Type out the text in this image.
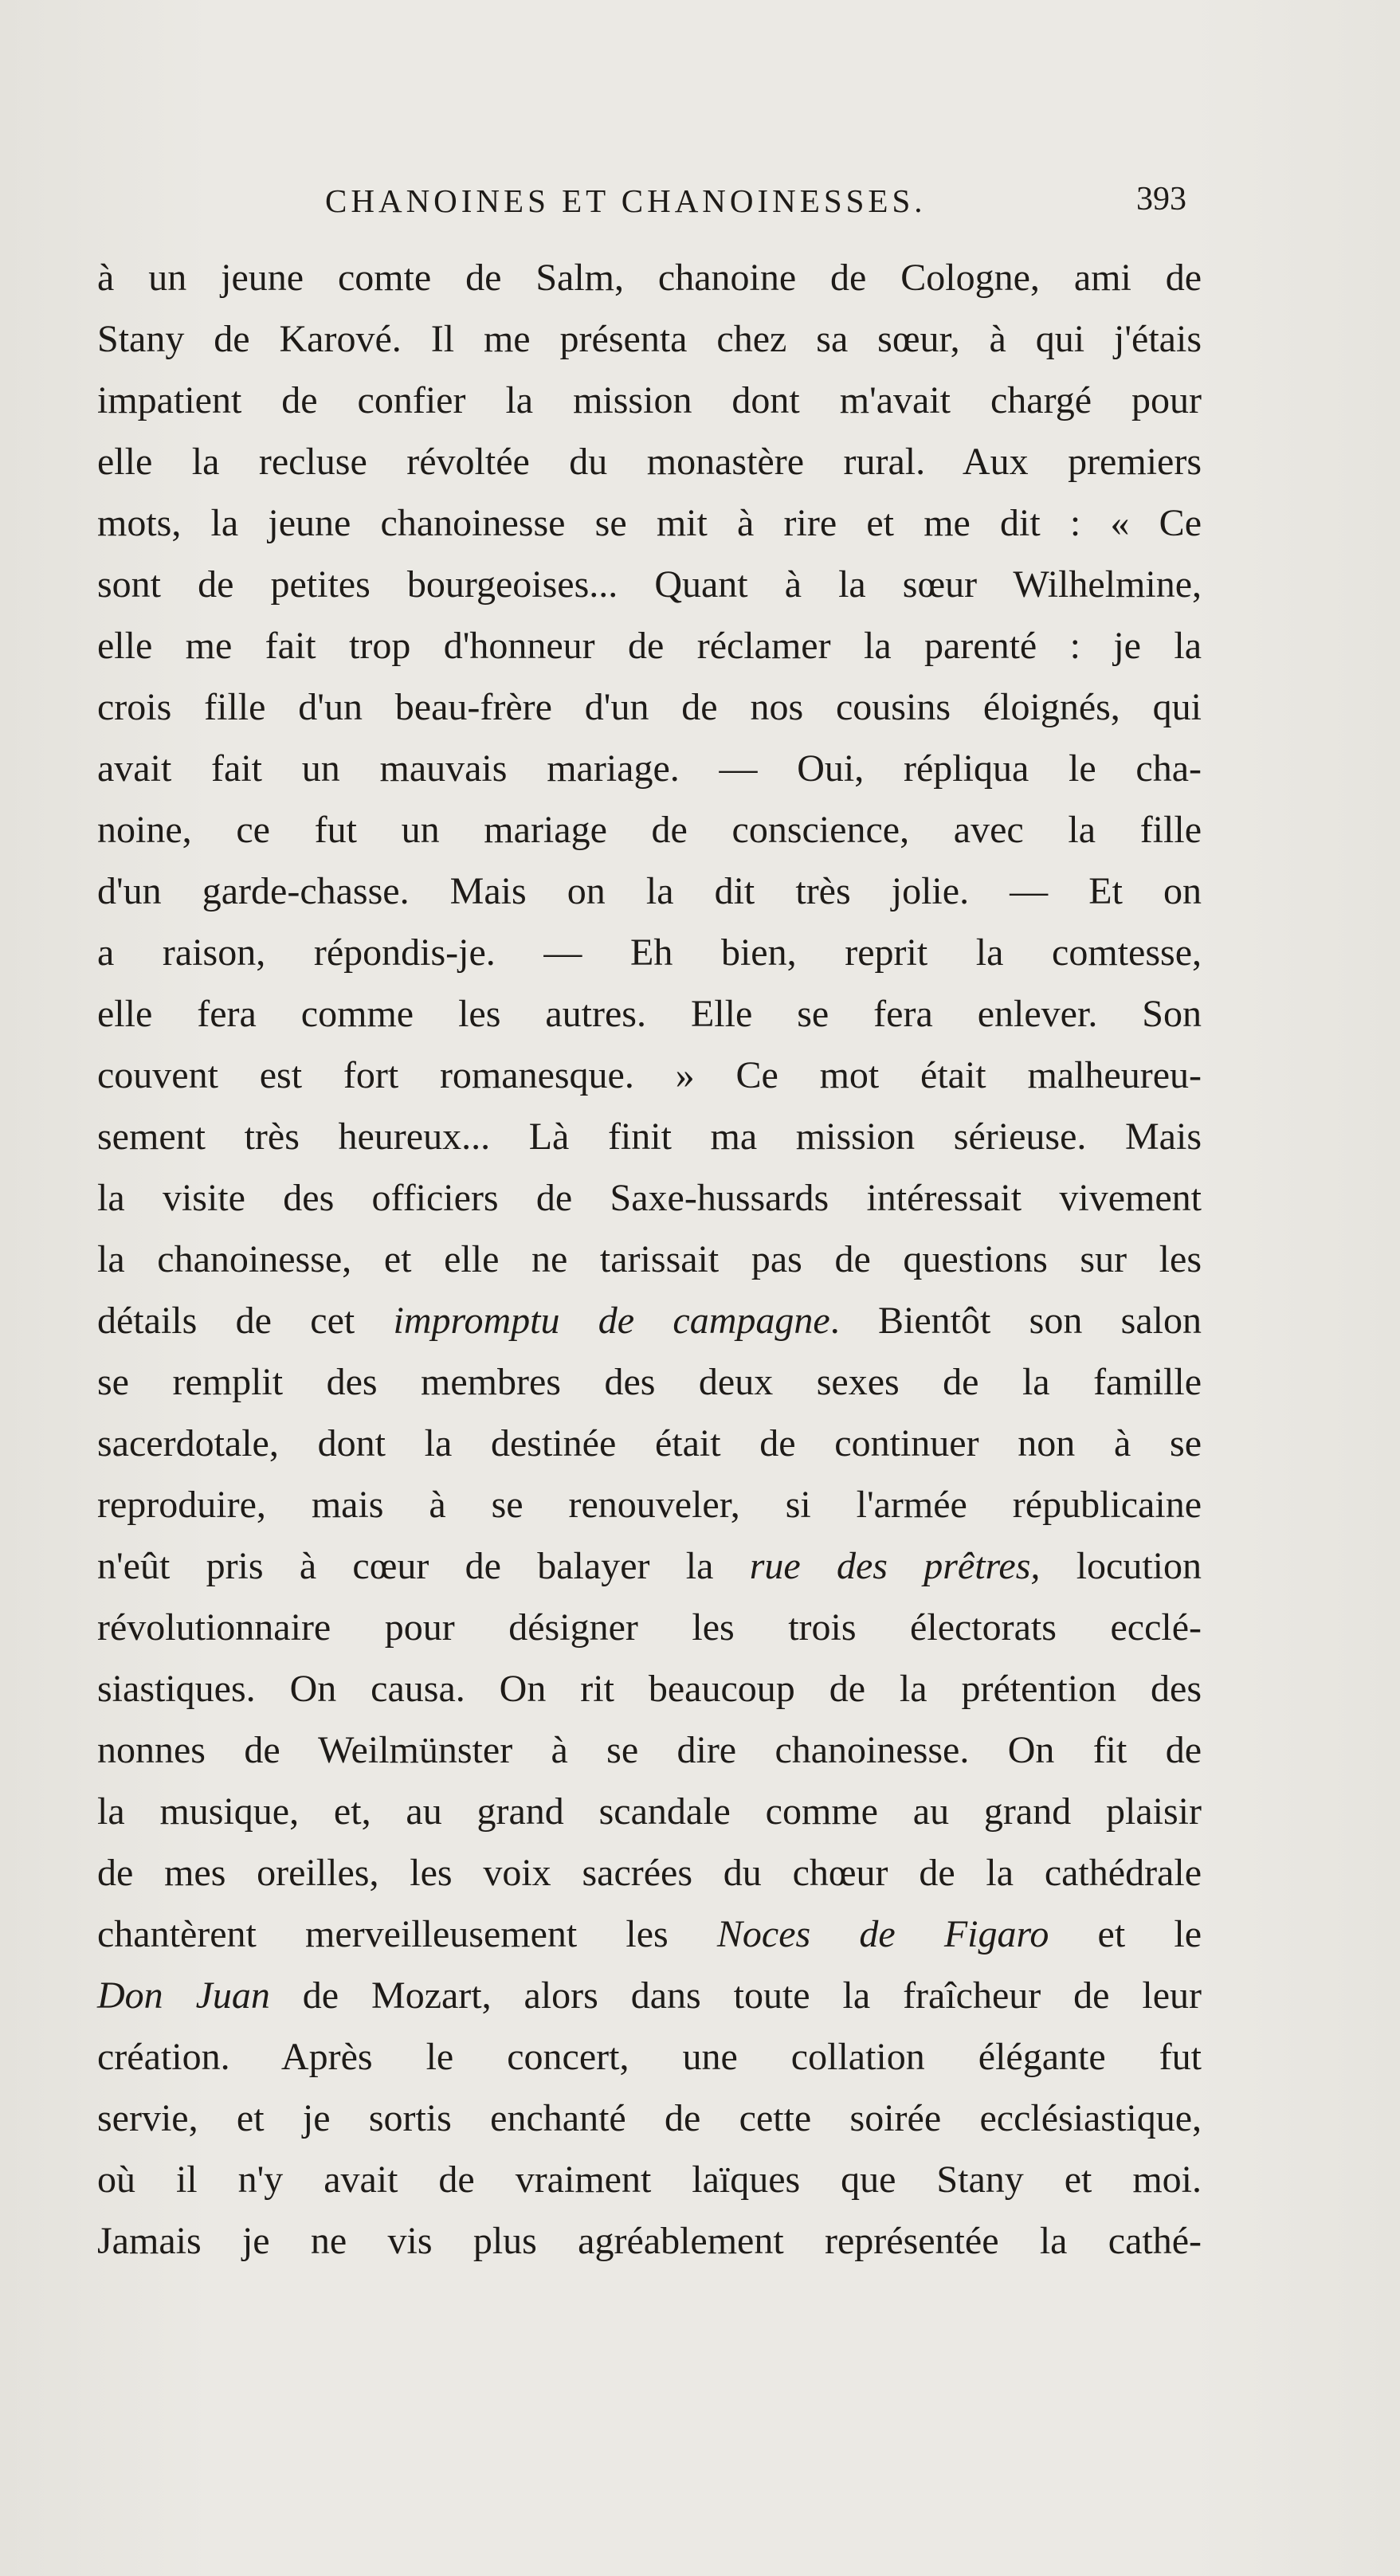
CHANOINES ET CHANOINESSES.	393
à un jeune comte de Salm, chanoine de Cologne, ami de
Stany de Karové. Il me présenta chez sa sœur, à qui j'étais
impatient de confier la mission dont m'avait chargé pour
elle la recluse révoltée du monastère rural. Aux premiers
mots, la jeune chanoinesse se mit à rire et me dit : « Ce
sont de petites bourgeoises... Quant à la sœur Wilhelmine,
elle me fait trop d'honneur de réclamer la parenté : je la
crois fille d'un beau-frère d'un de nos cousins éloignés, qui
avait fait un mauvais mariage. — Oui, répliqua le cha-
noine, ce fut un mariage de conscience, avec la fille
d'un garde-chasse. Mais on la dit très jolie. — Et on
a raison, répondis-je. — Eh bien, reprit la comtesse,
elle fera comme les autres. Elle se fera enlever. Son
couvent est fort romanesque. » Ce mot était malheureu-
sement très heureux... Là finit ma mission sérieuse. Mais
la visite des officiers de Saxe-hussards intéressait vivement
la chanoinesse, et elle ne tarissait pas de questions sur les
détails de cet impromptu de campagne. Bientôt son salon
se remplit des membres des deux sexes de la famille
sacerdotale, dont la destinée était de continuer non à se
reproduire, mais à se renouveler, si l'armée républicaine
n'eût pris à cœur de balayer la rue des prêtres, locution
révolutionnaire pour désigner les trois électorats ecclé-
siastiques. On causa. On rit beaucoup de la prétention des
nonnes de Weilmünster à se dire chanoinesse. On fit de
la musique, et, au grand scandale comme au grand plaisir
de mes oreilles, les voix sacrées du chœur de la cathédrale
chantèrent merveilleusement les Noces de Figaro et le
Don Juan de Mozart, alors dans toute la fraîcheur de leur
création. Après le concert, une collation élégante fut
servie, et je sortis enchanté de cette soirée ecclésiastique,
où il n'y avait de vraiment laïques que Stany et moi.
Jamais je ne vis plus agréablement représentée la cathé-
